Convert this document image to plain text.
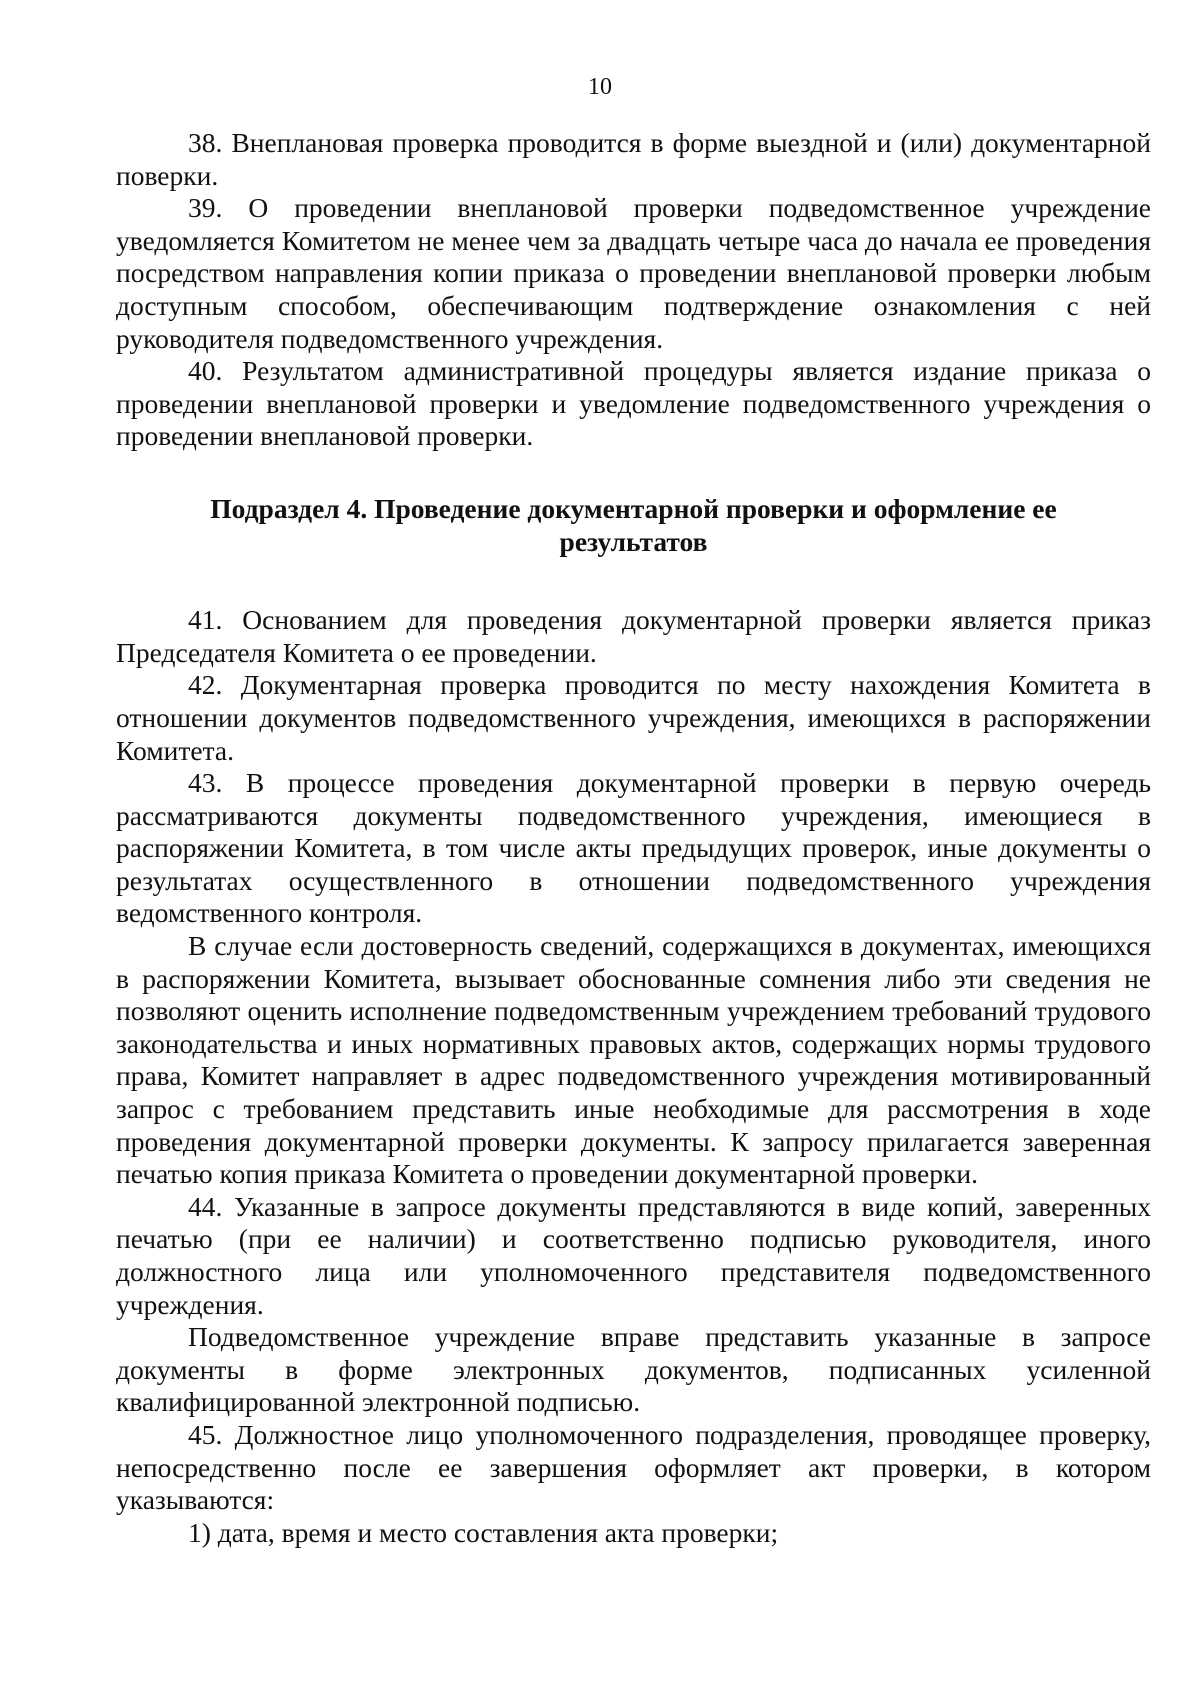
10

38. Внеплановая проверка проводится в форме выездной и (или) документарной поверки.

39. О проведении внеплановой проверки подведомственное учреждение уведомляется Комитетом не менее чем за двадцать четыре часа до начала ее проведения посредством направления копии приказа о проведении внеплановой проверки любым доступным способом, обеспечивающим подтверждение ознакомления с ней руководителя подведомственного учреждения.

40. Результатом административной процедуры является издание приказа о проведении внеплановой проверки и уведомление подведомственного учреждения о проведении внеплановой проверки.

Подраздел 4. Проведение документарной проверки и оформление ее результатов

41. Основанием для проведения документарной проверки является приказ Председателя Комитета о ее проведении.

42. Документарная проверка проводится по месту нахождения Комитета в отношении документов подведомственного учреждения, имеющихся в распоряжении Комитета.

43. В процессе проведения документарной проверки в первую очередь рассматриваются документы подведомственного учреждения, имеющиеся в распоряжении Комитета, в том числе акты предыдущих проверок, иные документы о результатах осуществленного в отношении подведомственного учреждения ведомственного контроля.

В случае если достоверность сведений, содержащихся в документах, имеющихся в распоряжении Комитета, вызывает обоснованные сомнения либо эти сведения не позволяют оценить исполнение подведомственным учреждением требований трудового законодательства и иных нормативных правовых актов, содержащих нормы трудового права, Комитет направляет в адрес подведомственного учреждения мотивированный запрос с требованием представить иные необходимые для рассмотрения в ходе проведения документарной проверки документы. К запросу прилагается заверенная печатью копия приказа Комитета о проведении документарной проверки.

44. Указанные в запросе документы представляются в виде копий, заверенных печатью (при ее наличии) и соответственно подписью руководителя, иного должностного лица или уполномоченного представителя подведомственного учреждения.

Подведомственное учреждение вправе представить указанные в запросе документы в форме электронных документов, подписанных усиленной квалифицированной электронной подписью.

45. Должностное лицо уполномоченного подразделения, проводящее проверку, непосредственно после ее завершения оформляет акт проверки, в котором указываются:

1) дата, время и место составления акта проверки;
